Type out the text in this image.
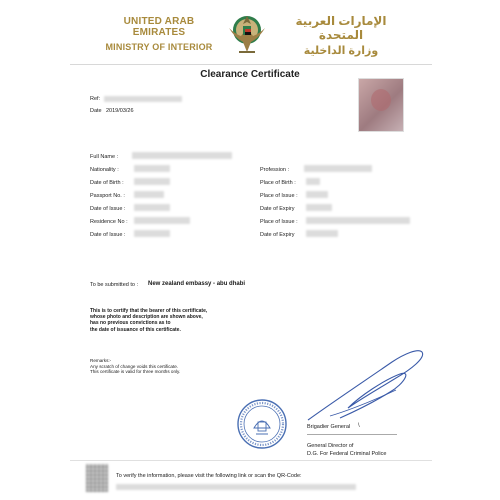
UNITED ARAB EMIRATES
MINISTRY OF INTERIOR
الإمارات العربية المتحدة
وزارة الداخلية
Clearance Certificate
Ref:
Date 2019/03/26
Full Name :
Nationality :
Date of Birth :
Passport No. :
Date of Issue :
Residence No :
Date of Issue :
Profession :
Place of Birth :
Place of Issue :
Date of Expiry
Place of Issue :
Date of Expiry
To be submitted to : New zealand embassy - abu dhabi
This is to certify that the bearer of this certificate,
whose photo and description are shown above,
has no previous convictions as to
the date of issuance of this certificate.
Remarks:-
Any scratch of change voids this certificate.
This certificate is valid for three months only.
Brigadier General \
General Director of
D.G. For Federal Criminal Police
To verify the information, please visit the following link or scan the QR-Code:
